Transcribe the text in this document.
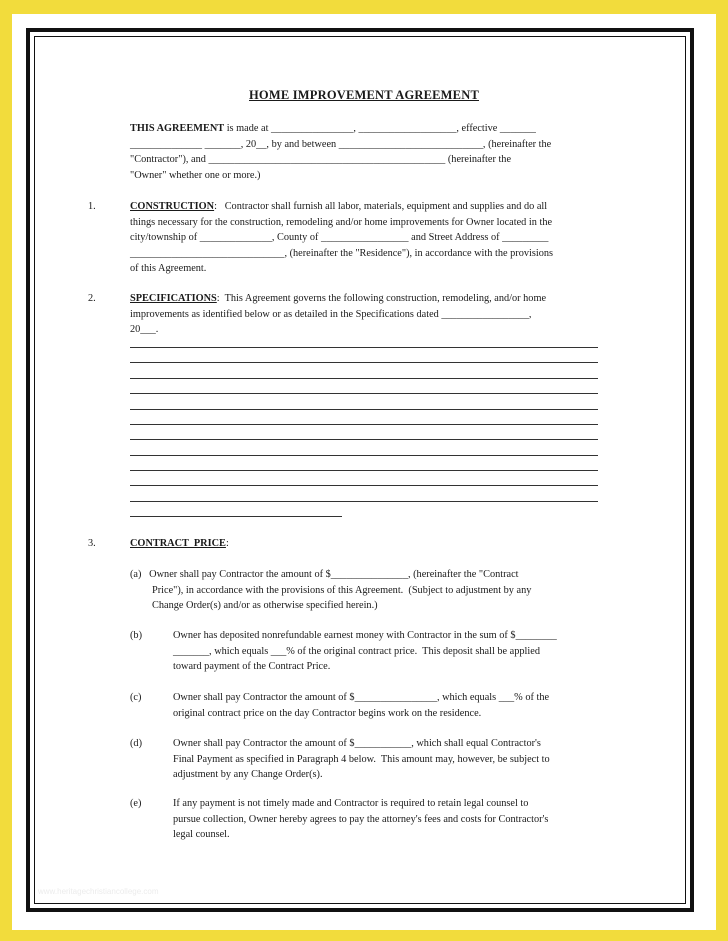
HOME IMPROVEMENT AGREEMENT
THIS AGREEMENT is made at ________________, ___________________, effective _______
______________ _______, 20__, by and between ____________________________, (hereinafter the
"Contractor"), and ______________________________________________ (hereinafter the
"Owner" whether one or more.)
1.	CONSTRUCTION:   Contractor shall furnish all labor, materials, equipment and supplies and do all
things necessary for the construction, remodeling and/or home improvements for Owner located in the
city/township of ______________, County of _________________ and Street Address of _________
______________________________, (hereinafter the "Residence"), in accordance with the provisions
of this Agreement.
2.	SPECIFICATIONS:  This Agreement governs the following construction, remodeling, and/or home
improvements as identified below or as detailed in the Specifications dated _________________,
20___.
3.	CONTRACT  PRICE:
(a) Owner shall pay Contractor the amount of $_______________, (hereinafter the "Contract
Price"), in accordance with the provisions of this Agreement.  (Subject to adjustment by any
Change Order(s) and/or as otherwise specified herein.)
(b)	Owner has deposited nonrefundable earnest money with Contractor in the sum of $________
_______, which equals ___% of the original contract price.  This deposit shall be applied
toward payment of the Contract Price.
(c)	Owner shall pay Contractor the amount of $________________, which equals ___% of the
original contract price on the day Contractor begins work on the residence.
(d)	Owner shall pay Contractor the amount of $___________, which shall equal Contractor's
Final Payment as specified in Paragraph 4 below.  This amount may, however, be subject to
adjustment by any Change Order(s).
(e)	If any payment is not timely made and Contractor is required to retain legal counsel to
pursue collection, Owner hereby agrees to pay the attorney's fees and costs for Contractor's
legal counsel.
www.heritagechristiancollege.com
